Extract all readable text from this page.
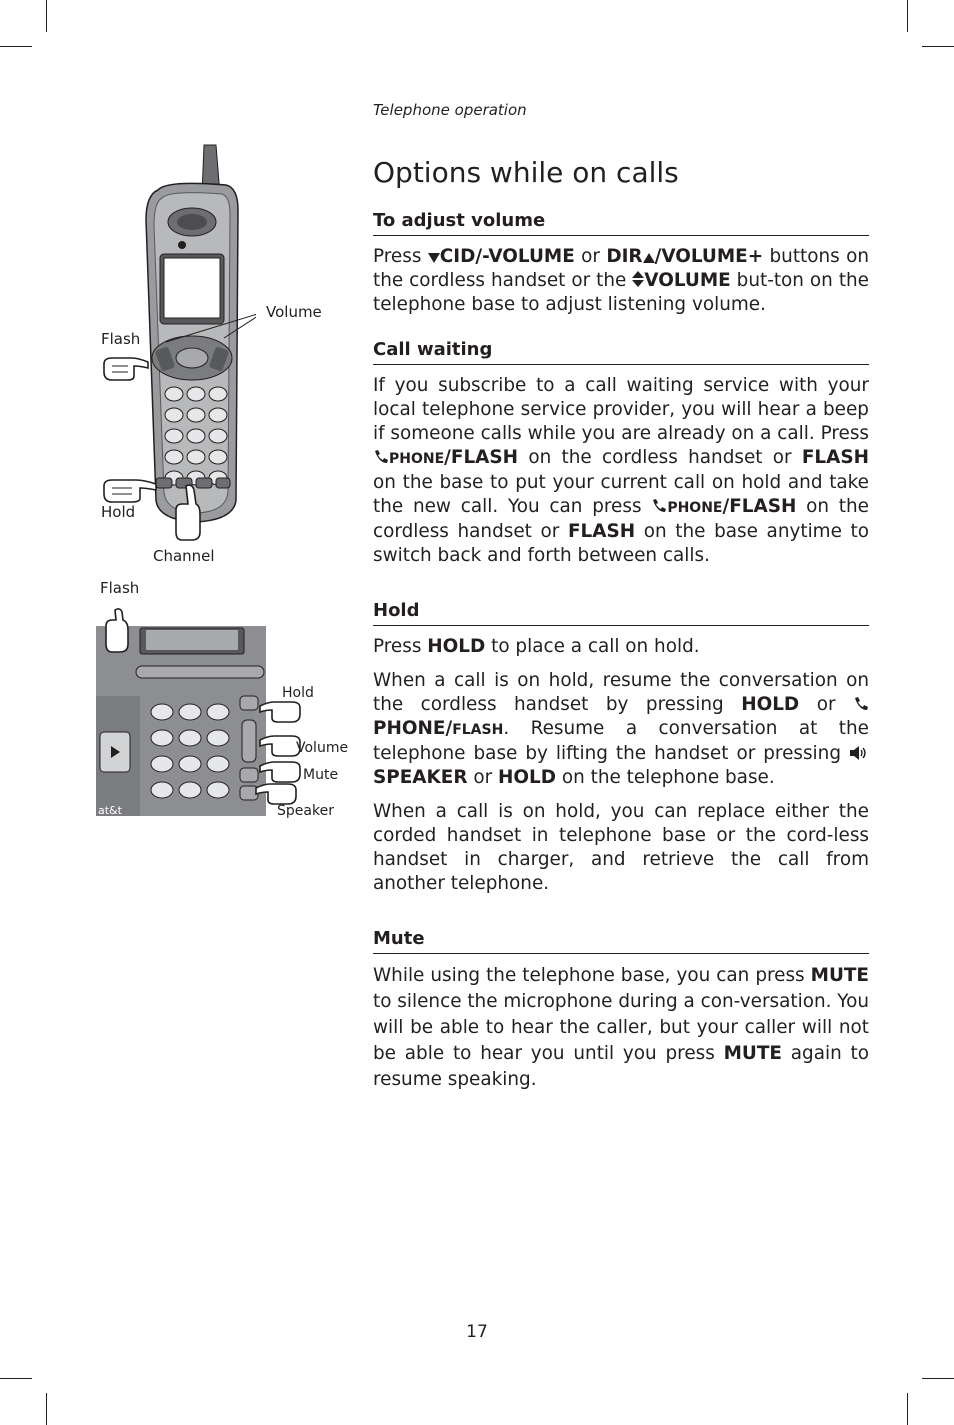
Telephone operation
Volume
Flash
Hold
Channel
at&t
Flash
Hold
Volume
Mute
Speaker
Options while on calls
To adjust volume

Press CID/-VOLUME or DIR /VOLUME+ buttons on the cordless handset or the VOLUME but-ton on the telephone base to adjust listening volume.

Call waiting

If you subscribe to a call waiting service with your local telephone service provider, you will hear a beep if someone calls while you are already on a call. Press PHONE/FLASH on the cordless handset or FLASH on the base to put your current call on hold and take the new call. You can press PHONE/FLASH on the cordless handset or FLASH on the base anytime to switch back and forth between calls.

Hold

Press HOLD to place a call on hold.

When a call is on hold, resume the conversation on the cordless handset by pressing HOLD or  PHONE/FLASH. Resume a conversation at the telephone base by lifting the handset or pressing SPEAKER or HOLD on the telephone base.

When a call is on hold, you can replace either the corded handset in telephone base or the cord-less handset in charger, and retrieve the call from another telephone.

Mute

While using the telephone base, you can press MUTE to silence the microphone during a con-versation. You will be able to hear the caller, but your caller will not be able to hear you until you press MUTE again to resume speaking.

17
